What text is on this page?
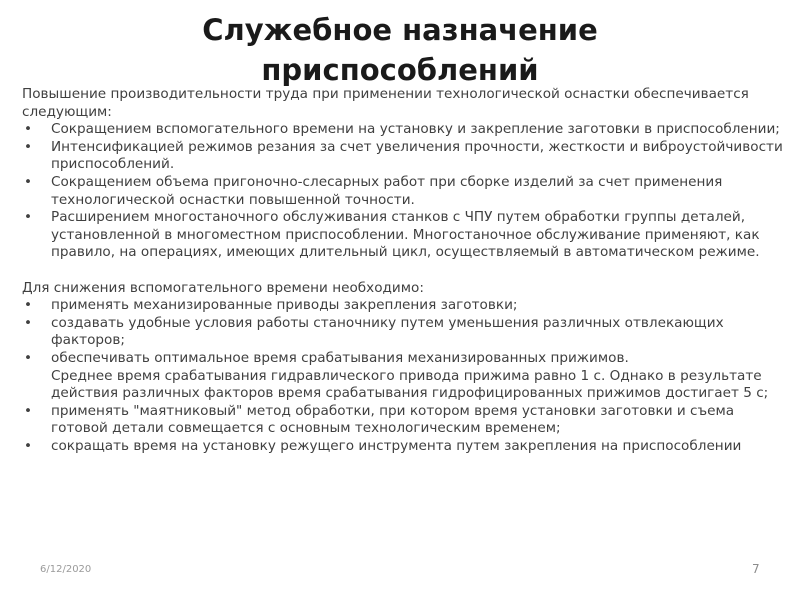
Служебное назначение
приспособлений

Повышение производительности труда при применении технологической оснастки обеспечивается следующим:

• Сокращением вспомогательного времени на установку и закрепление заготовки в приспособлении;
• Интенсификацией режимов резания за счет увеличения прочности, жесткости и виброустойчивости приспособлений.
• Сокращением объема пригоночно-слесарных работ при сборке изделий за счет применения технологической оснастки повышенной точности.
• Расширением многостаночного обслуживания станков с ЧПУ путем обработки группы деталей, установленной в многоместном приспособлении. Многостаночное обслуживание применяют, как правило, на операциях, имеющих длительный цикл, осуществляемый в автоматическом режиме.

Для снижения вспомогательного времени необходимо:

• применять механизированные приводы закрепления заготовки;
• создавать удобные условия работы станочнику путем уменьшения различных отвлекающих факторов;
• обеспечивать оптимальное время срабатывания механизированных прижимов.
Среднее время срабатывания гидравлического привода прижима равно 1 с. Однако в результате действия различных факторов время срабатывания гидрофицированных прижимов достигает 5 с;
• применять "маятниковый" метод обработки, при котором время установки заготовки и съема готовой детали совмещается с основным технологическим временем;
• сокращать время на установку режущего инструмента путем закрепления на приспособлении
6/12/2020	7
